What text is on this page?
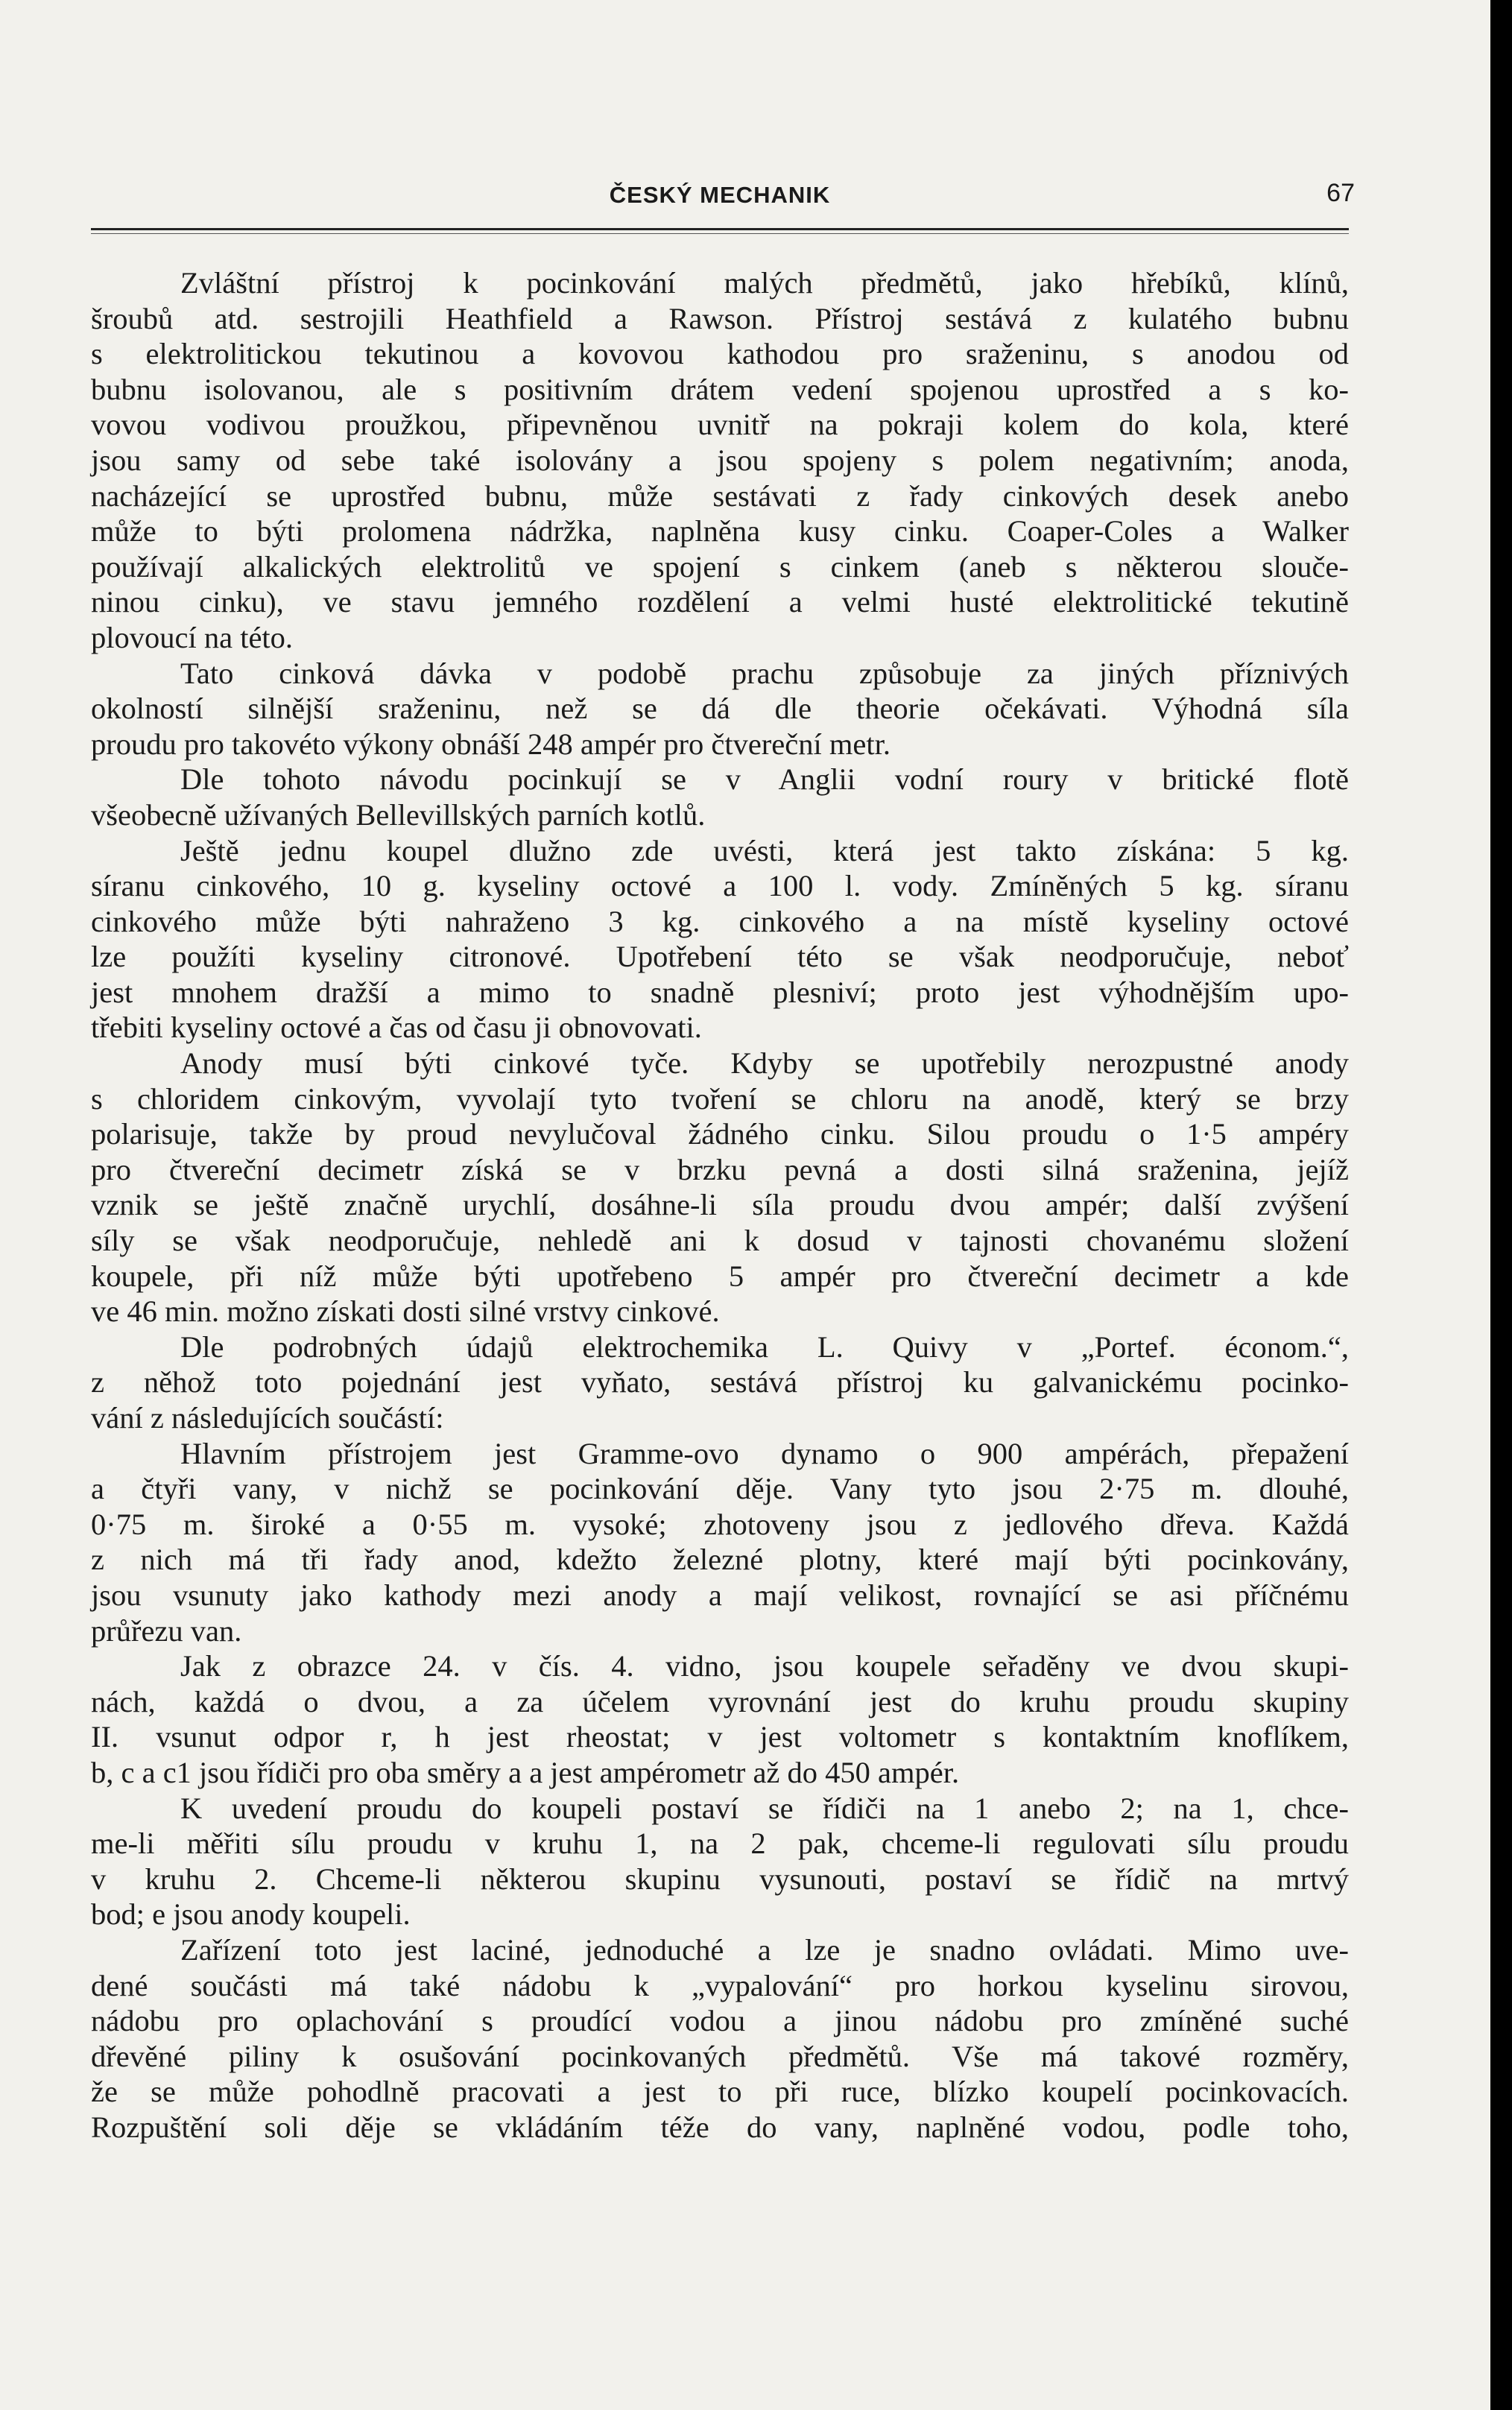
ČESKÝ MECHANIK	67
Zvláštní přístroj k pocinkování malých předmětů, jako hřebíků, klínů,
šroubů atd. sestrojili Heathfield a Rawson. Přístroj sestává z kulatého bubnu
s elektrolitickou tekutinou a kovovou kathodou pro sraženinu, s anodou od
bubnu isolovanou, ale s positivním drátem vedení spojenou uprostřed a s ko-
vovou vodivou proužkou, připevněnou uvnitř na pokraji kolem do kola, které
jsou samy od sebe také isolovány a jsou spojeny s polem negativním; anoda,
nacházející se uprostřed bubnu, může sestávati z řady cinkových desek anebo
může to býti prolomena nádržka, naplněna kusy cinku. Coaper-Coles a Walker
používají alkalických elektrolitů ve spojení s cinkem (aneb s některou slouče-
ninou cinku), ve stavu jemného rozdělení a velmi husté elektrolitické tekutině
plovoucí na této.
Tato cinková dávka v podobě prachu způsobuje za jiných příznivých
okolností silnější sraženinu, než se dá dle theorie očekávati. Výhodná síla
proudu pro takovéto výkony obnáší 248 ampér pro čtvereční metr.
Dle tohoto návodu pocinkují se v Anglii vodní roury v britické flotě
všeobecně užívaných Bellevillských parních kotlů.
Ještě jednu koupel dlužno zde uvésti, která jest takto získána: 5 kg.
síranu cinkového, 10 g. kyseliny octové a 100 l. vody. Zmíněných 5 kg. síranu
cinkového může býti nahraženo 3 kg. cinkového a na místě kyseliny octové
lze použíti kyseliny citronové. Upotřebení této se však neodporučuje, neboť
jest mnohem dražší a mimo to snadně plesniví; proto jest výhodnějším upo-
třebiti kyseliny octové a čas od času ji obnovovati.
Anody musí býti cinkové tyče. Kdyby se upotřebily nerozpustné anody
s chloridem cinkovým, vyvolají tyto tvoření se chloru na anodě, který se brzy
polarisuje, takže by proud nevylučoval žádného cinku. Silou proudu o 1·5 ampéry
pro čtvereční decimetr získá se v brzku pevná a dosti silná sraženina, jejíž
vznik se ještě značně urychlí, dosáhne-li síla proudu dvou ampér; další zvýšení
síly se však neodporučuje, nehledě ani k dosud v tajnosti chovanému složení
koupele, při níž může býti upotřebeno 5 ampér pro čtvereční decimetr a kde
ve 46 min. možno získati dosti silné vrstvy cinkové.
Dle podrobných údajů elektrochemika L. Quivy v „Portef. économ.“,
z něhož toto pojednání jest vyňato, sestává přístroj ku galvanickému pocinko-
vání z následujících součástí:
Hlavním přístrojem jest Gramme-ovo dynamo o 900 ampérách, přepažení
a čtyři vany, v nichž se pocinkování děje. Vany tyto jsou 2·75 m. dlouhé,
0·75 m. široké a 0·55 m. vysoké; zhotoveny jsou z jedlového dřeva. Každá
z nich má tři řady anod, kdežto železné plotny, které mají býti pocinkovány,
jsou vsunuty jako kathody mezi anody a mají velikost, rovnající se asi příčnému
průřezu van.
Jak z obrazce 24. v čís. 4. vidno, jsou koupele seřaděny ve dvou skupi-
nách, každá o dvou, a za účelem vyrovnání jest do kruhu proudu skupiny
II. vsunut odpor r, h jest rheostat; v jest voltometr s kontaktním knoflíkem,
b, c a c1 jsou řídiči pro oba směry a a jest ampérometr až do 450 ampér.
K uvedení proudu do koupeli postaví se řídiči na 1 anebo 2; na 1, chce-
me-li měřiti sílu proudu v kruhu 1, na 2 pak, chceme-li regulovati sílu proudu
v kruhu 2. Chceme-li některou skupinu vysunouti, postaví se řídič na mrtvý
bod; e jsou anody koupeli.
Zařízení toto jest laciné, jednoduché a lze je snadno ovládati. Mimo uve-
dené součásti má také nádobu k „vypalování“ pro horkou kyselinu sirovou,
nádobu pro oplachování s proudící vodou a jinou nádobu pro zmíněné suché
dřevěné piliny k osušování pocinkovaných předmětů. Vše má takové rozměry,
že se může pohodlně pracovati a jest to při ruce, blízko koupelí pocinkovacích.
Rozpuštění soli děje se vkládáním téže do vany, naplněné vodou, podle toho,
